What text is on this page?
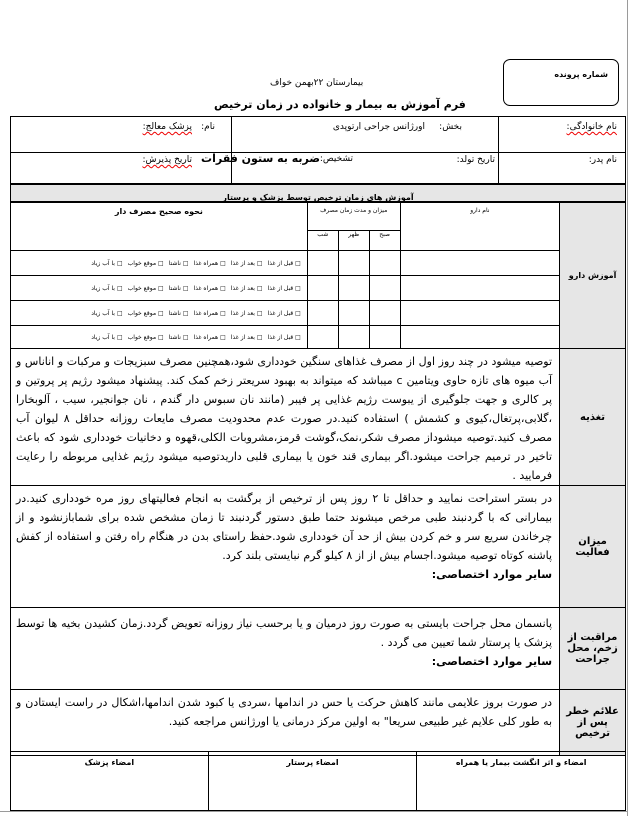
شماره پرونده
بیمارستان ۲۲بهمن خواف
فرم آموزش به بیمار و خانواده در زمان ترخیص
نام خانوادگی:
نام:	بخش:
اورژانس جراحی ارتوپدی
پزشک معالج:
نام پدر:
تاریخ تولد:
تشخیص:
ضربه به ستون فقرات
تاریخ پذیرش:
آموزش های زمان ترخیص توسط پزشک و پرستار
آموزش دارو	نام دارو	میزان و مدت زمان مصرف			نحوه صحیح مصرف دار
		صبح	ظهر	شب	
					□ قبل از غذا□ بعد از غذا□ همراه غذا□ ناشتا□ موقع خواب□ با آب زیاد
					□ قبل از غذا□ بعد از غذا□ همراه غذا□ ناشتا□ موقع خواب□ با آب زیاد
					□ قبل از غذا□ بعد از غذا□ همراه غذا□ ناشتا□ موقع خواب□ با آب زیاد
					□ قبل از غذا□ بعد از غذا□ همراه غذا□ ناشتا□ موقع خواب□ با آب زیاد
تغذیه	توصیه میشود در چند روز اول از مصرف غذاهای سنگین خودداری شود،همچنین مصرف سبزیجات و مرکبات و اناناس و آب میوه های تازه حاوی ویتامین c میباشد که میتواند به بهبود سریعتر زخم کمک کند. پیشنهاد میشود رژیم پر پروتین و پر کالری و جهت جلوگیری از یبوست رژیم غذایی پر فیبر (مانند نان سبوس دار گندم ، نان جوانجیر، سیب ، آلوبخارا ،گلابی،پرتغال،کیوی و کشمش ) استفاده کنید.در صورت عدم محدودیت مصرف مایعات روزانه حداقل ۸ لیوان آب مصرف کنید.توصیه میشوداز مصرف شکر،نمک،گوشت قرمز،مشروبات الکلی،قهوه و دخانیات خودداری شود که باعث تاخیر در ترمیم جراحت میشود.اگر بیماری قند خون یا بیماری قلبی داریدتوصیه میشود رژیم غذایی مربوطه را رعایت فرمایید .
میزان فعالیت	در بستر استراحت نمایید و حداقل تا ۲ روز پس از ترخیص از برگشت به انجام فعالیتهای روز مره خودداری کنید.در بیمارانی که با گردنبند طبی مرخص میشوند حتما طبق دستور گردنبند تا زمان مشخص شده برای شمابازنشود و از چرخاندن سریع سر و خم کردن بیش از حد آن خودداری شود.حفظ راستای بدن در هنگام راه رفتن و استفاده از کفش پاشنه کوتاه توصیه میشود.اجسام بیش از از ۸ کیلو گرم نبایستی بلند کرد.
سایر موارد اختصاصی:

مراقبت از زخم، محل جراحت	پانسمان محل جراحت بایستی به صورت روز درمیان و یا برحسب نیاز روزانه تعویض گردد.زمان کشیدن بخیه ها توسط پزشک یا پرستار شما تعیین می گردد .
سایر موارد اختصاصی:

علائم خطر پس از ترخیص	در صورت بروز علایمی مانند کاهش حرکت یا حس در اندامها ،سردی یا کبود شدن اندامها،اشکال در راست ایستادن و به طور کلی علایم غیر طبیعی سریعا" به اولین مرکز درمانی یا اورژانس مراجعه کنید.
امضاء و اثر انگشت بیمار یا همراه	امضاء پرستار	امضاء پزشک
